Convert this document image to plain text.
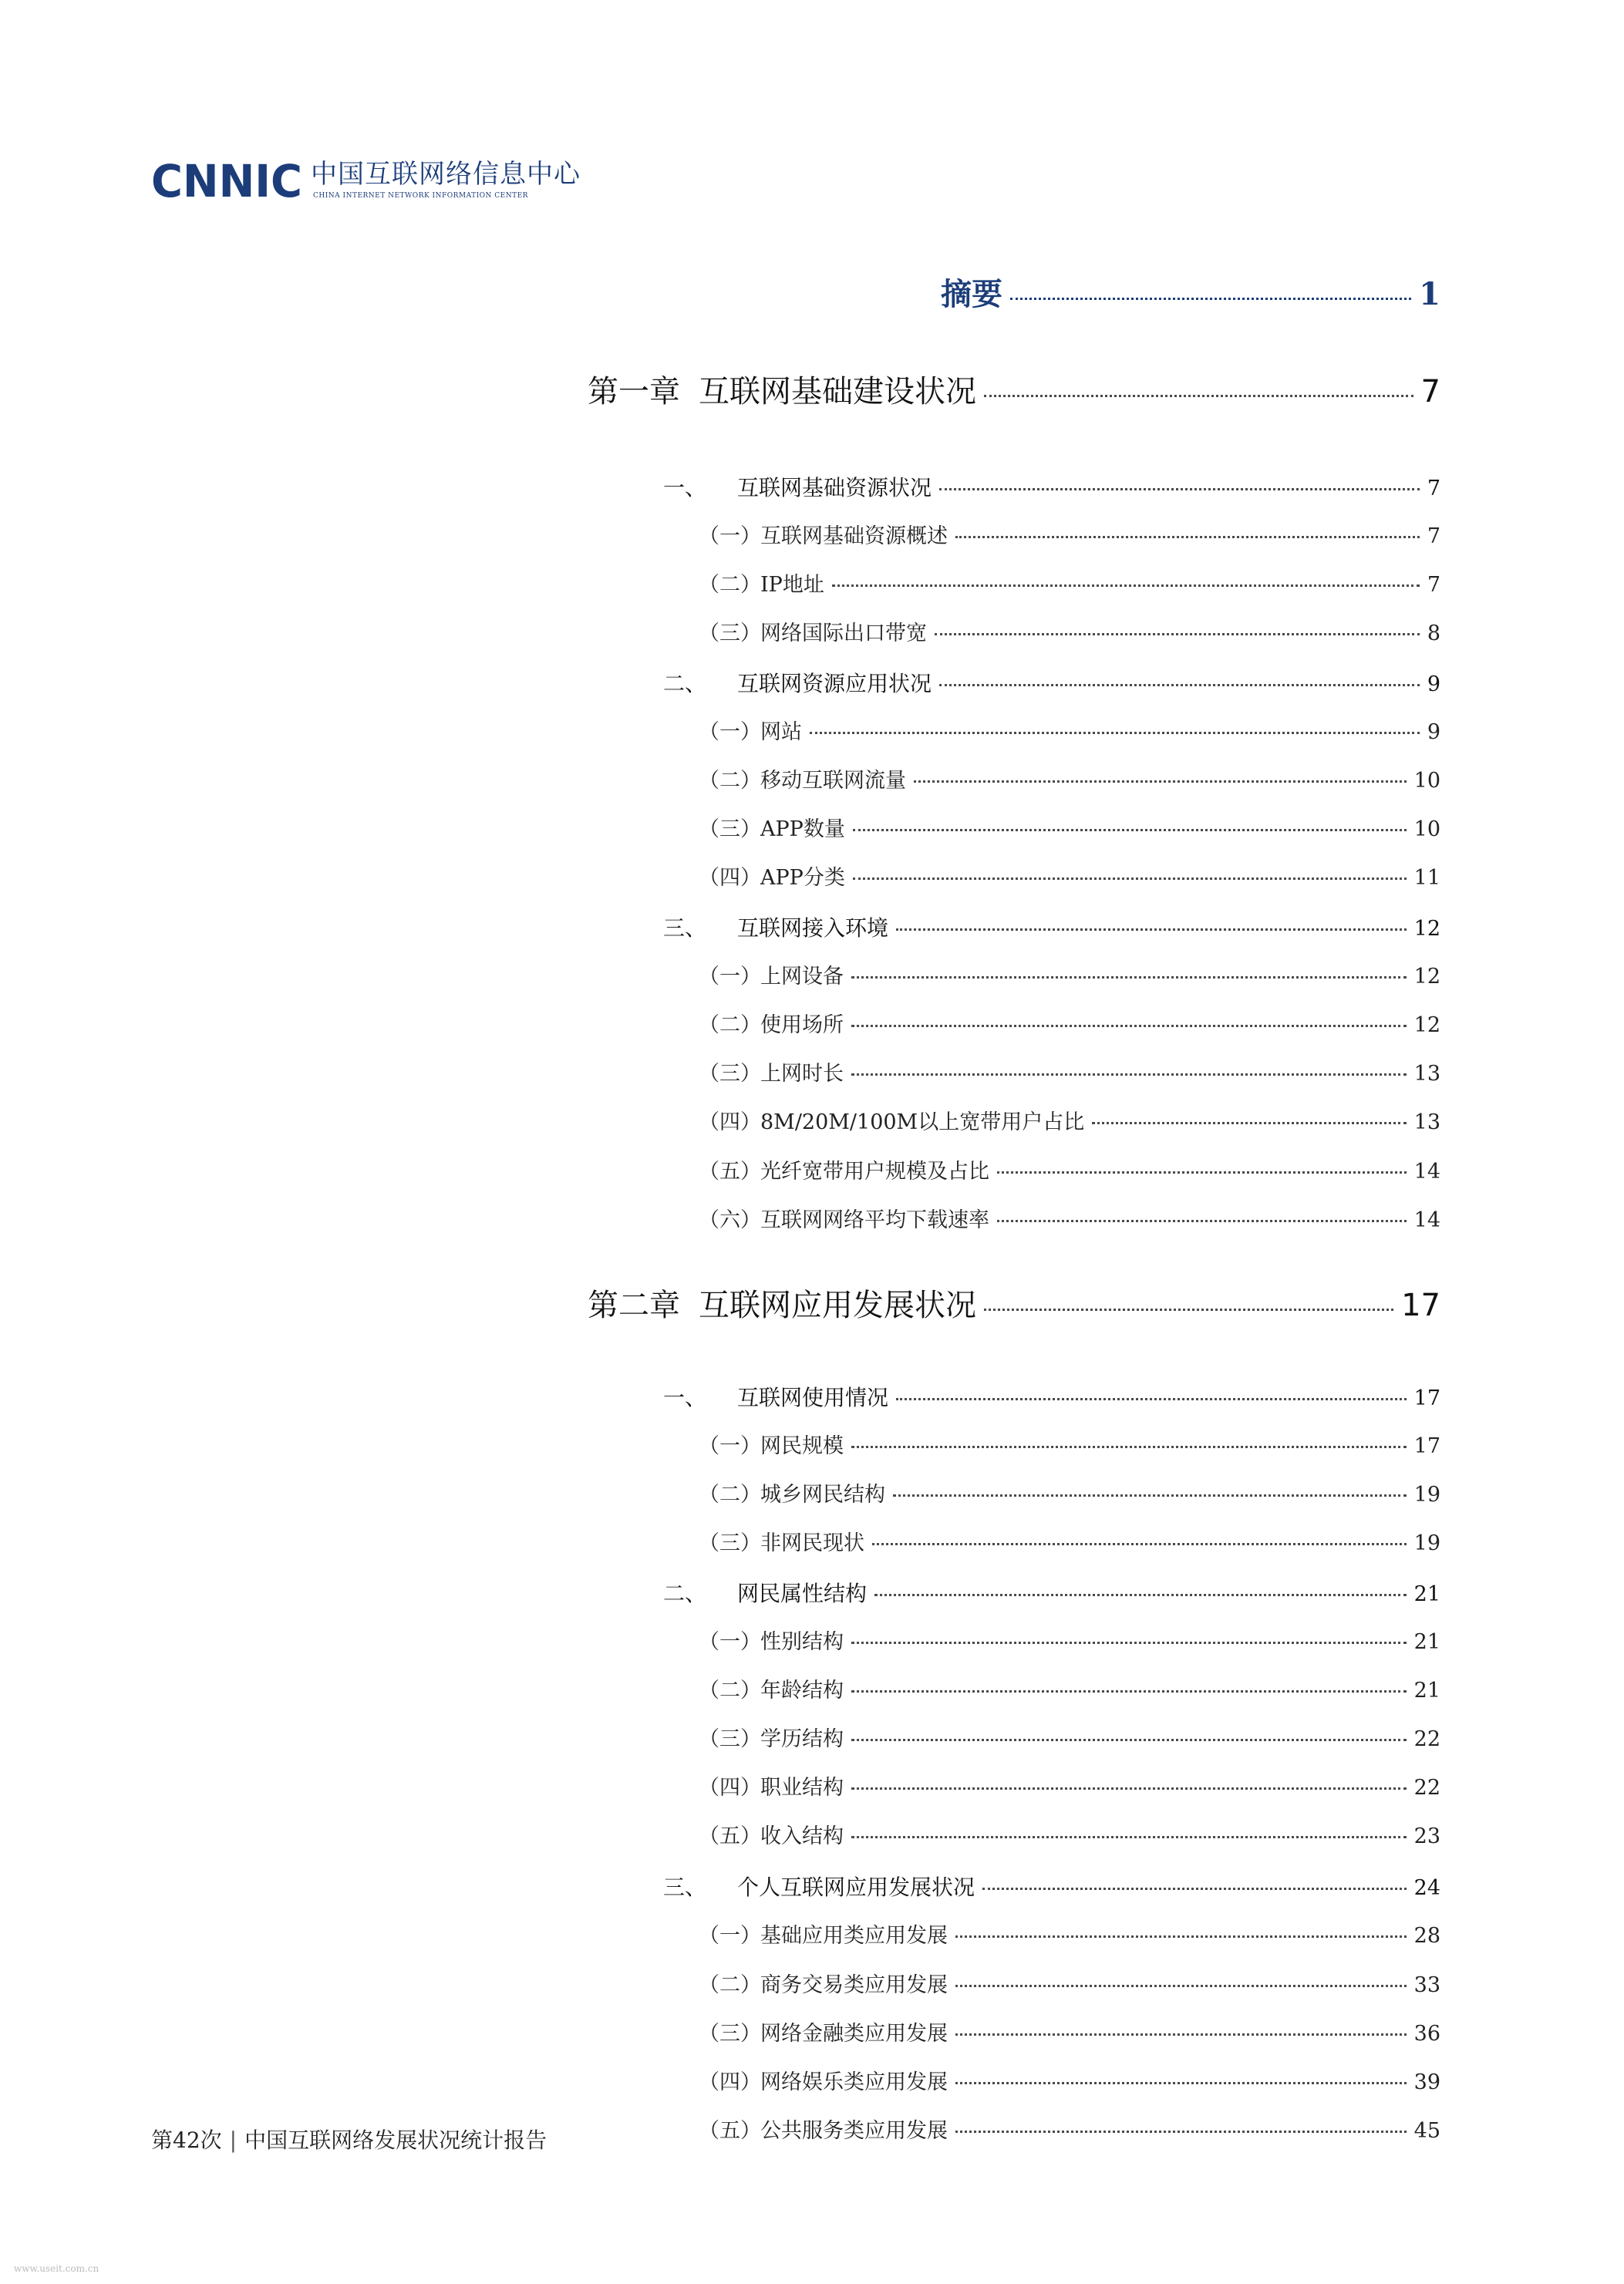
CNNIC 中国互联网络信息中心
CHINA INTERNET NETWORK INFORMATION CENTER
摘要	1
第一章 互联网基础建设状况	7
一、	互联网基础资源状况	7
（一） 互联网基础资源概述	7
（二） IP地址	7
（三） 网络国际出口带宽	8
二、	互联网资源应用状况	9
（一） 网站	9
（二） 移动互联网流量	10
（三） APP数量	10
（四） APP分类	11
三、	互联网接入环境	12
（一） 上网设备	12
（二） 使用场所	12
（三） 上网时长	13
（四） 8M/20M/100M以上宽带用户占比	13
（五） 光纤宽带用户规模及占比	14
（六） 互联网网络平均下载速率	14
第二章 互联网应用发展状况	17
一、	互联网使用情况	17
（一） 网民规模	17
（二） 城乡网民结构	19
（三） 非网民现状	19
二、	网民属性结构	21
（一） 性别结构	21
（二） 年龄结构	21
（三） 学历结构	22
（四） 职业结构	22
（五） 收入结构	23
三、	个人互联网应用发展状况	24
（一） 基础应用类应用发展	28
（二） 商务交易类应用发展	33
（三） 网络金融类应用发展	36
（四） 网络娱乐类应用发展	39
（五） 公共服务类应用发展	45
第42次 | 中国互联网络发展状况统计报告
www.useit.com.cn
